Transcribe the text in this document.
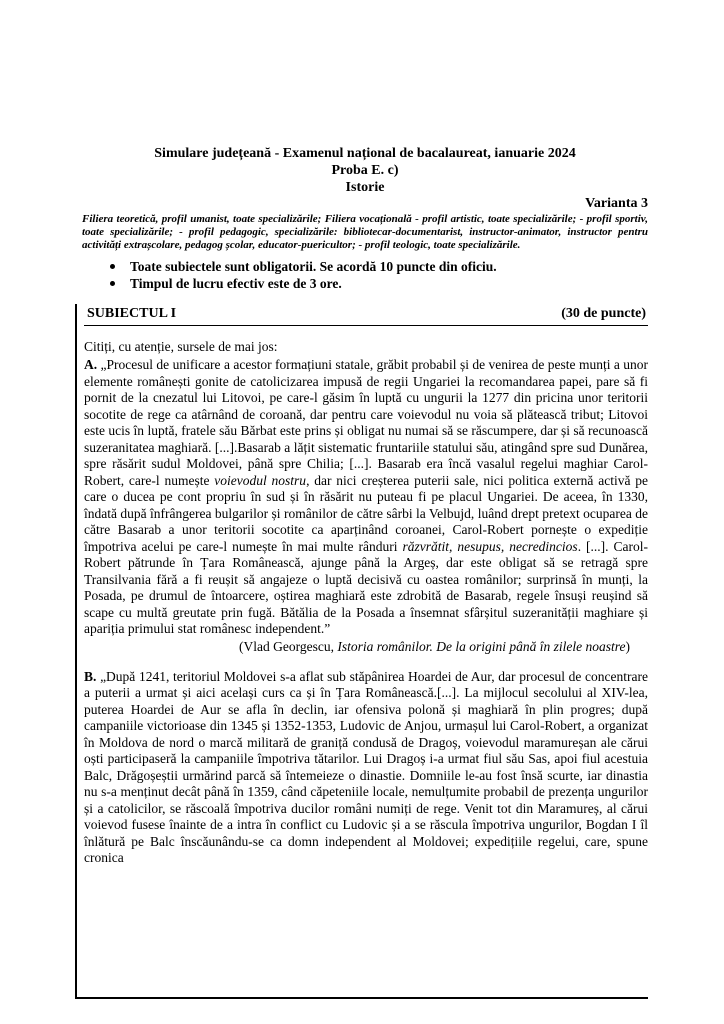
Simulare județeană - Examenul național de bacalaureat, ianuarie 2024
Proba E. c)
Istorie
Varianta 3
Filiera teoretică, profil umanist, toate specializările; Filiera vocațională - profil artistic, toate specializările; - profil sportiv, toate specializările; - profil pedagogic, specializările: bibliotecar-documentarist, instructor-animator, instructor pentru activități extrașcolare, pedagog școlar, educator-puericultor; - profil teologic, toate specializările.
Toate subiectele sunt obligatorii. Se acordă 10 puncte din oficiu.
Timpul de lucru efectiv este de 3 ore.
SUBIECTUL I	(30 de puncte)

Citiți, cu atenție, sursele de mai jos:

A. „Procesul de unificare a acestor formațiuni statale, grăbit probabil și de venirea de peste munți a unor elemente românești gonite de catolicizarea impusă de regii Ungariei la recomandarea papei, pare să fi pornit de la cnezatul lui Litovoi, pe care-l găsim în luptă cu ungurii la 1277 din pricina unor teritorii socotite de rege ca atârnând de coroană, dar pentru care voievodul nu voia să plătească tribut; Litovoi este ucis în luptă, fratele său Bărbat este prins și obligat nu numai să se răscumpere, dar și să recunoască suzeranitatea maghiară. [...].Basarab a lățit sistematic fruntariile statului său, atingând spre sud Dunărea, spre răsărit sudul Moldovei, până spre Chilia; [...]. Basarab era încă vasalul regelui maghiar Carol-Robert, care-l numește voievodul nostru, dar nici creșterea puterii sale, nici politica externă activă pe care o ducea pe cont propriu în sud și în răsărit nu puteau fi pe placul Ungariei. De aceea, în 1330, îndată după înfrângerea bulgarilor și românilor de către sârbi la Velbujd, luând drept pretext ocuparea de către Basarab a unor teritorii socotite ca aparținând coroanei, Carol-Robert pornește o expediție împotriva acelui pe care-l numește în mai multe rânduri răzvrătit, nesupus, necredincios. [...]. Carol-Robert pătrunde în Țara Românească, ajunge până la Argeș, dar este obligat să se retragă spre Transilvania fără a fi reușit să angajeze o luptă decisivă cu oastea românilor; surprinsă în munți, la Posada, pe drumul de întoarcere, oștirea maghiară este zdrobită de Basarab, regele însuși reușind să scape cu multă greutate prin fugă. Bătălia de la Posada a însemnat sfârșitul suzeranității maghiare și apariția primului stat românesc independent.”

(Vlad Georgescu, Istoria românilor. De la origini până în zilele noastre)

B. „După 1241, teritoriul Moldovei s-a aflat sub stăpânirea Hoardei de Aur, dar procesul de concentrare a puterii a urmat și aici același curs ca și în Țara Românească.[...]. La mijlocul secolului al XIV-lea, puterea Hoardei de Aur se afla în declin, iar ofensiva polonă și maghiară în plin progres; după campaniile victorioase din 1345 și 1352-1353, Ludovic de Anjou, urmașul lui Carol-Robert, a organizat în Moldova de nord o marcă militară de graniță condusă de Dragoș, voievodul maramureșan ale cărui oști participaseră la campaniile împotriva tătarilor. Lui Dragoș i-a urmat fiul său Sas, apoi fiul acestuia Balc, Drăgoșeștii urmărind parcă să întemeieze o dinastie. Domniile le-au fost însă scurte, iar dinastia nu s-a menținut decât până în 1359, când căpeteniile locale, nemulțumite probabil de prezența ungurilor și a catolicilor, se răscoală împotriva ducilor români numiți de rege. Venit tot din Maramureș, al cărui voievod fusese înainte de a intra în conflict cu Ludovic și a se răscula împotriva ungurilor, Bogdan I îl înlătură pe Balc înscăunându-se ca domn independent al Moldovei; expedițiile regelui, care, spune cronica
